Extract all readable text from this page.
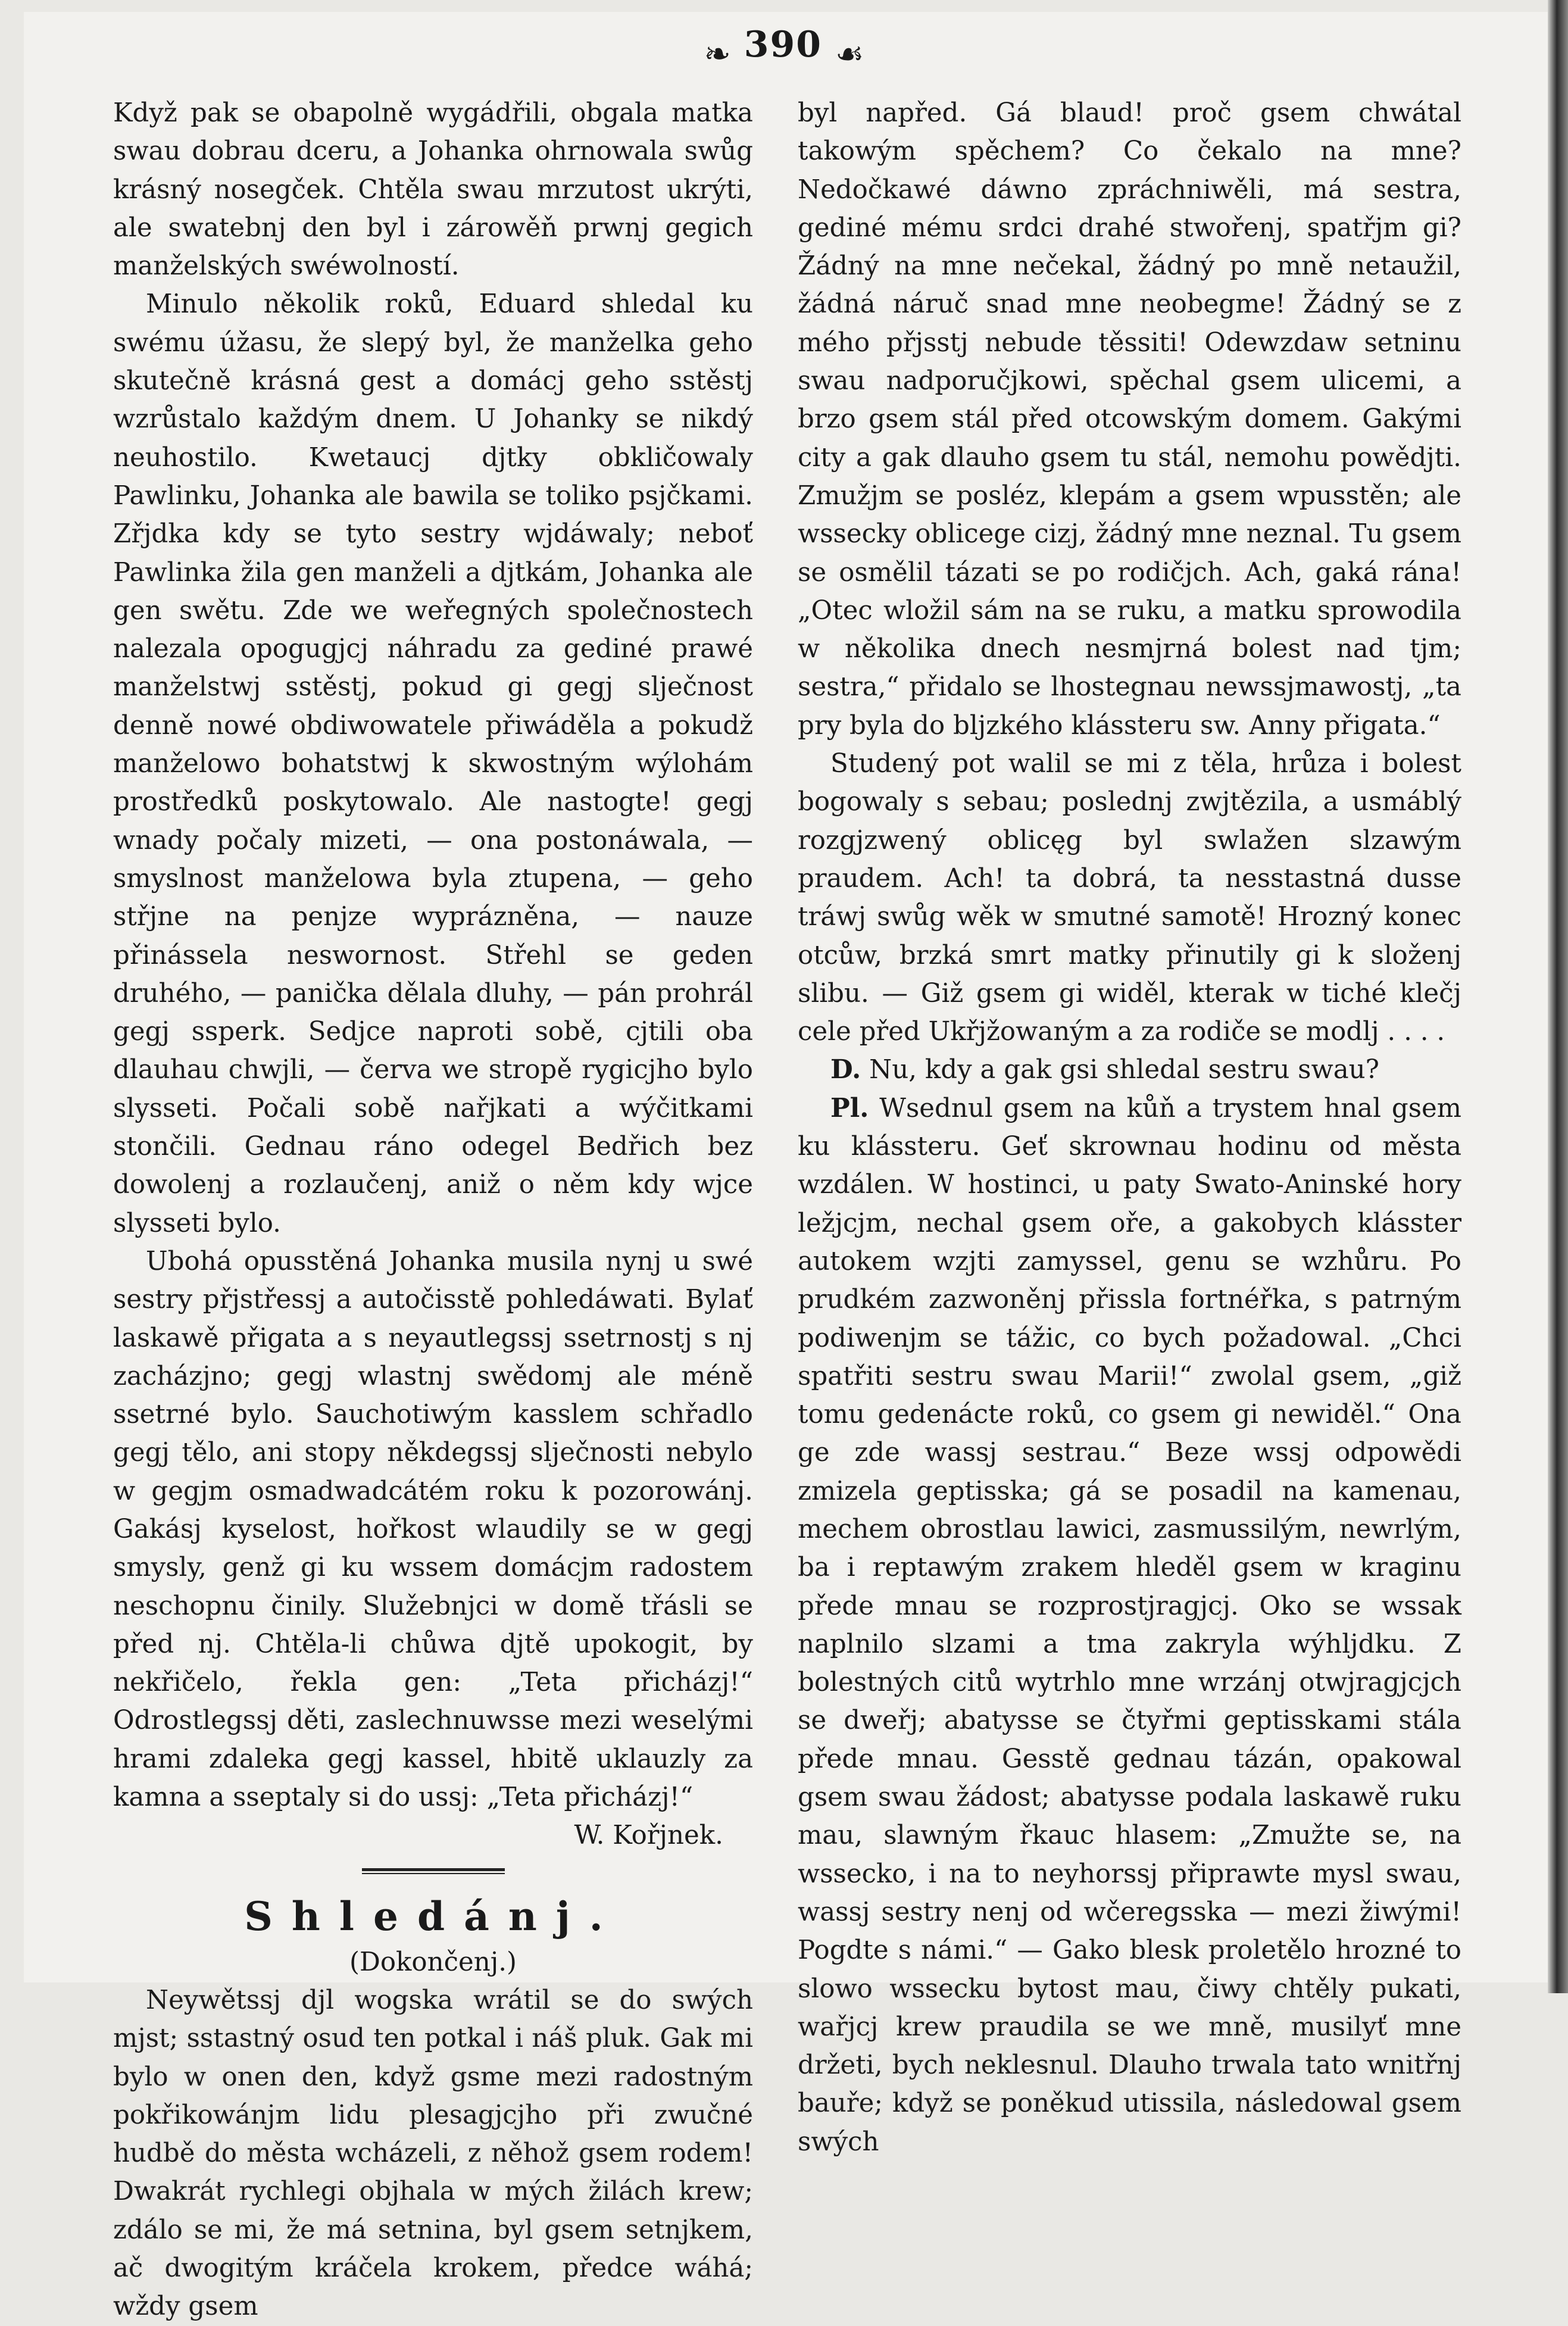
❧ 390 ☙

Když pak se obapolně wygádřili, obgala matka swau dobrau dceru, a Johanka ohrnowala swůg krásný nosegček. Chtěla swau mrzutost ukrýti, ale swatebnj den byl i zárowěň prwnj gegich manželských swéwolností.

Minulo několik roků, Eduard shledal ku swému úžasu, že slepý byl, že manželka geho skutečně krásná gest a domácj geho sstěstj wzrůstalo každým dnem. U Johanky se nikdý neuhostilo. Kwetaucj djtky obkličowaly Pawlinku, Johanka ale bawila se toliko psjčkami. Zřjdka kdy se tyto sestry wjdáwaly; neboť Pawlinka žila gen manželi a djtkám, Johanka ale gen swětu. Zde we weřegných společnostech nalezala opogugjcj náhradu za gediné prawé manželstwj sstěstj, pokud gi gegj slječnost denně nowé obdiwowatele přiwáděla a pokudž manželowo bohatstwj k skwostným wýlohám prostředků poskytowalo. Ale nastogte! gegj wnady počaly mizeti, — ona postonáwala, — smyslnost manželowa byla ztupena, — geho střjne na penjze wyprázněna, — nauze přinássela neswornost. Střehl se geden druhého, — panička dělala dluhy, — pán prohrál gegj ssperk. Sedjce naproti sobě, cjtili oba dlauhau chwjli, — červa we stropě rygicjho bylo slysseti. Počali sobě nařjkati a wýčitkami stončili. Gednau ráno odegel Bedřich bez dowolenj a rozlaučenj, aniž o něm kdy wjce slysseti bylo.

Ubohá opusstěná Johanka musila nynj u swé sestry přjstřessj a autočisstě pohledáwati. Bylať laskawě přigata a s neyautlegssj ssetrnostj s nj zacházjno; gegj wlastnj swědomj ale méně ssetrné bylo. Sauchotiwým kasslem schřadlo gegj tělo, ani stopy někdegssj slječnosti nebylo w gegjm osmadwadcátém roku k pozorowánj. Gakásj kyselost, hořkost wlaudily se w gegj smysly, genž gi ku wssem domácjm radostem neschopnu činily. Služebnjci w domě třásli se před nj. Chtěla-li chůwa djtě upokogit, by nekřičelo, řekla gen: „Teta přicházj!“ Odrostlegssj děti, zaslechnuwsse mezi weselými hrami zdaleka gegj kassel, hbitě uklauzly za kamna a sseptaly si do ussj: „Teta přicházj!“

W. Kořjnek.

Shledánj.

(Dokončenj.)

Neywětssj djl wogska wrátil se do swých mjst; sstastný osud ten potkal i náš pluk. Gak mi bylo w onen den, když gsme mezi radostným pokřikowánjm lidu plesagjcjho při zwučné hudbě do města wcházeli, z něhož gsem rodem! Dwakrát rychlegi objhala w mých žilách krew; zdálo se mi, že má setnina, byl gsem setnjkem, ač dwogitým kráčela krokem, předce wáhá; wždy gsem

byl napřed. Gá blaud! proč gsem chwátal takowým spěchem? Co čekalo na mne? Nedočkawé dáwno zpráchniwěli, má sestra, gediné mému srdci drahé stwořenj, spatřjm gi? Žádný na mne nečekal, žádný po mně netaužil, žádná náruč snad mne neobegme! Žádný se z mého přjsstj nebude těssiti! Odewzdaw setninu swau nadporučjkowi, spěchal gsem ulicemi, a brzo gsem stál před otcowským domem. Gakými city a gak dlauho gsem tu stál, nemohu powědjti. Zmužjm se posléz, klepám a gsem wpusstěn; ale wssecky oblicege cizj, žádný mne neznal. Tu gsem se osmělil tázati se po rodičjch. Ach, gaká rána! „Otec wložil sám na se ruku, a matku sprowodila w několika dnech nesmjrná bolest nad tjm; sestra,“ přidalo se lhostegnau newssjmawostj, „ta pry byla do bljzkého klássteru sw. Anny přigata.“

Studený pot walil se mi z těla, hrůza i bolest bogowaly s sebau; poslednj zwjtězila, a usmáblý rozgjzwený oblicęg byl swlažen slzawým praudem. Ach! ta dobrá, ta nesstastná dusse tráwj swůg wěk w smutné samotě! Hrozný konec otcůw, brzká smrt matky přinutily gi k složenj slibu. — Giž gsem gi widěl, kterak w tiché klečj cele před Ukřjžowaným a za rodiče se modlj . . . .

D. Nu, kdy a gak gsi shledal sestru swau?

Pl. Wsednul gsem na kůň a trystem hnal gsem ku klássteru. Geť skrownau hodinu od města wzdálen. W hostinci, u paty Swato-Aninské hory ležjcjm, nechal gsem oře, a gakobych klásster autokem wzjti zamyssel, genu se wzhůru. Po prudkém zazwoněnj přissla fortnéřka, s patrným podiwenjm se tážic, co bych požadowal. „Chci spatřiti sestru swau Marii!“ zwolal gsem, „giž tomu gedenácte roků, co gsem gi newiděl.“ Ona ge zde wassj sestrau.“ Beze wssj odpowědi zmizela geptisska; gá se posadil na kamenau, mechem obrostlau lawici, zasmussilým, newrlým, ba i reptawým zrakem hleděl gsem w kraginu přede mnau se rozprostjragjcj. Oko se wssak naplnilo slzami a tma zakryla wýhljdku. Z bolestných citů wytrhlo mne wrzánj otwjragjcjch se dweřj; abatysse se čtyřmi geptisskami stála přede mnau. Gesstě gednau tázán, opakowal gsem swau žádost; abatysse podala laskawě ruku mau, slawným řkauc hlasem: „Zmužte se, na wssecko, i na to neyhorssj připrawte mysl swau, wassj sestry nenj od wčeregsska — mezi žiwými! Pogdte s námi.“ — Gako blesk proletělo hrozné to slowo wssecku bytost mau, čiwy chtěly pukati, wařjcj krew praudila se we mně, musilyť mne držeti, bych neklesnul. Dlauho trwala tato wnitřnj bauře; když se poněkud utissila, následowal gsem swých
